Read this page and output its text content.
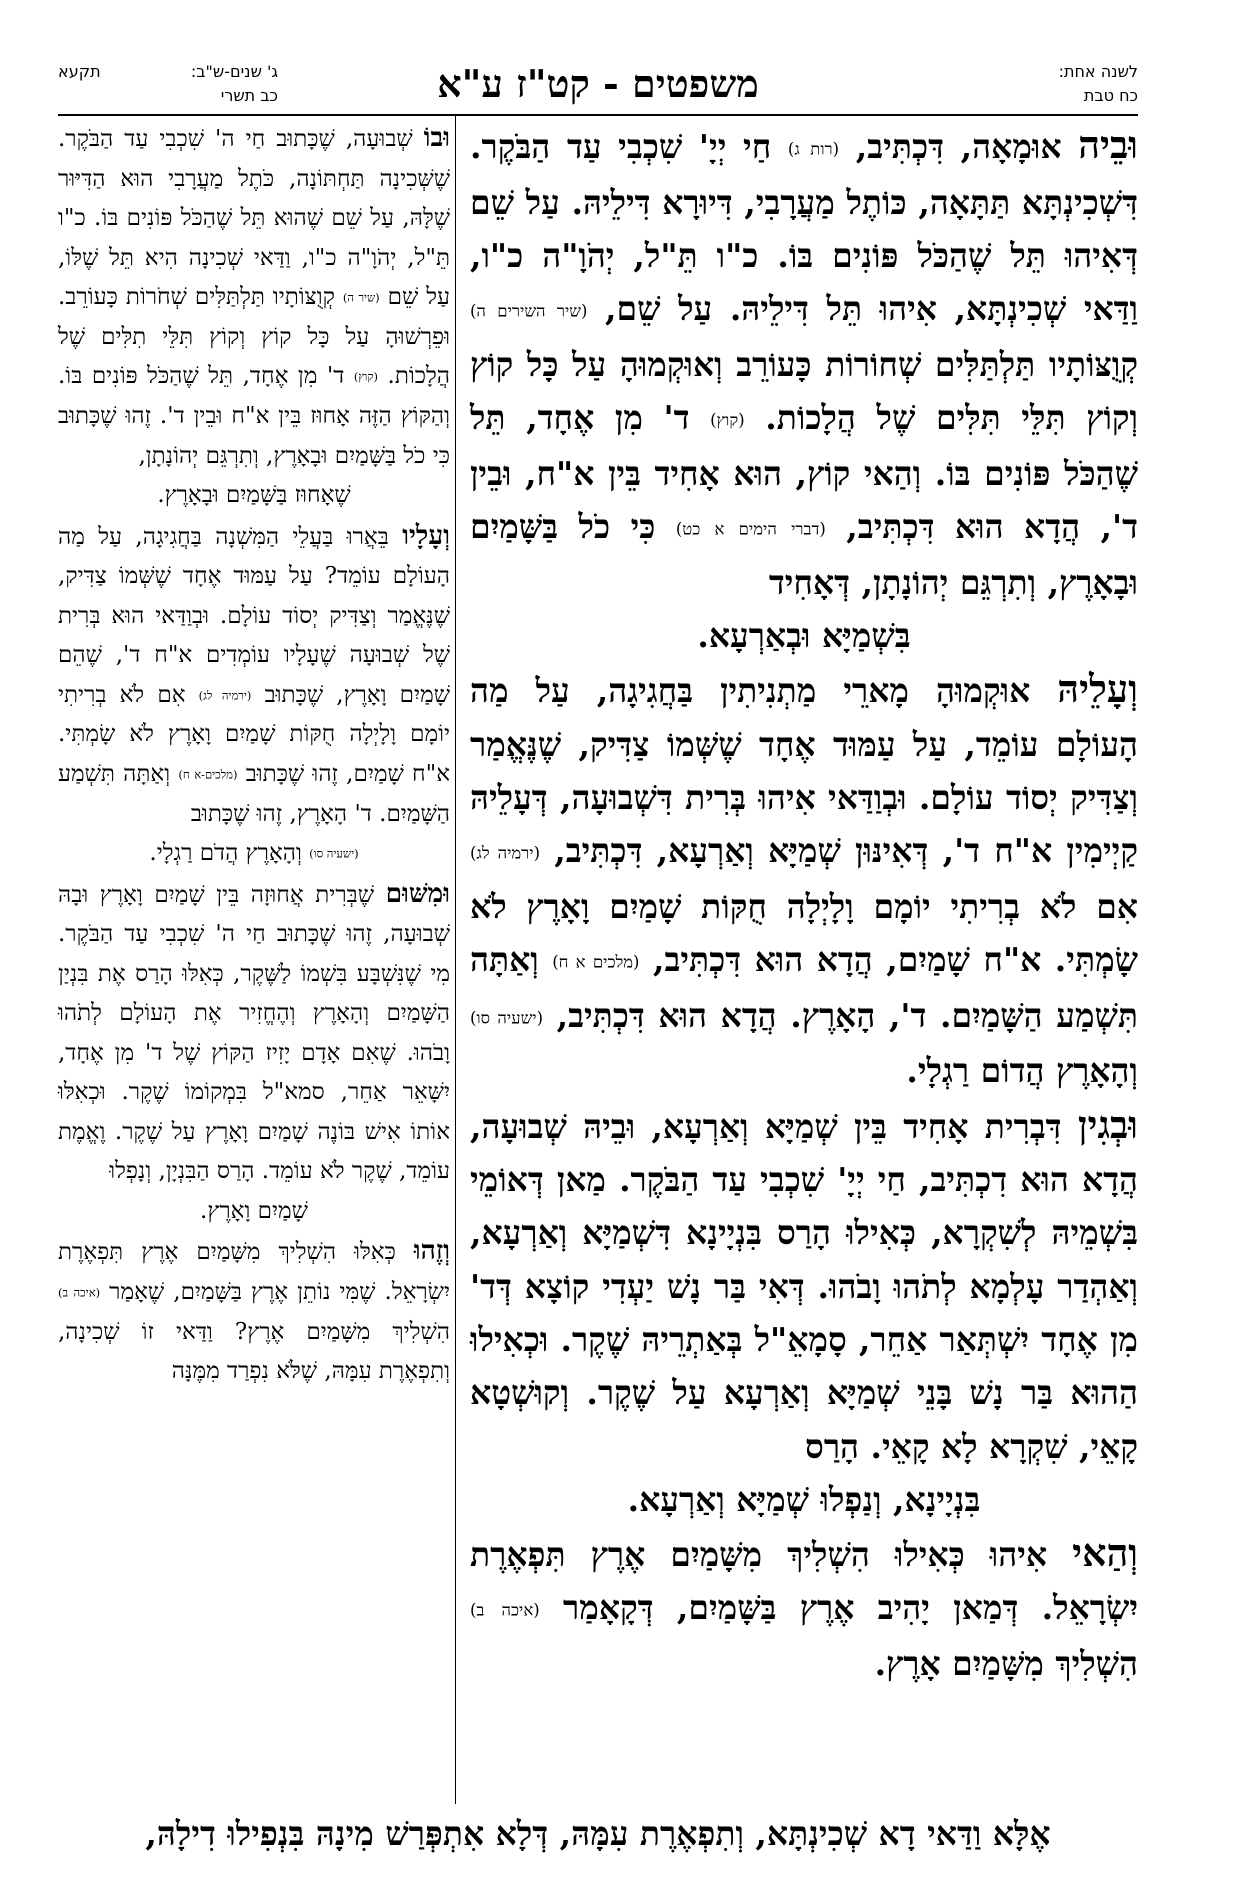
לשנה אחת:
כח טבת
משפטים - קט"ז ע"א
ג' שנים-ש"ב:
תקעא
כב תשרי

וּבֵיה אוּמָאָה, דִּכְתִּיב, (רות ג) חַי יְיָ' שִׁכְבִי עַד הַבֹּקֶר. דִּשְׁכִינְתָּא תַּתָּאָה, כּוֹתֶל מַעֲרָבִי, דִּיוּרָא דִּילֵיהּ. עַל שֵׁם דְּאִיהוּ תֵּל שֶׁהַכֹּל פּוֹנִים בּוֹ. כ"ו תֵּ"ל, יְהֹוָ"ה כ"ו, וַדַּאי שְׁכִינְתָּא, אִיהוּ תֵּל דִּילֵיהּ. עַל שֵׁם, (שיר השירים ה) קְוֻצּוֹתָיו תַּלְתַּלִּים שְׁחוֹרוֹת כָּעוֹרֵב וְאוּקְמוּהָ עַל כָּל קוֹץ וְקוֹץ תִּלֵּי תִּלִּים שֶׁל הֲלָכוֹת. (קוץ) ד' מִן אֶחָד, תֵּל שֶׁהַכֹּל פּוֹנִים בּוֹ. וְהַאי קוֹץ, הוּא אָחִיד בֵּין א"ח, וּבֵין ד', הֲדָא הוּא דִּכְתִּיב, (דברי הימים א כט) כִּי כֹל בַּשָּׁמַיִם וּבָאָרֶץ, וְתִרְגֵּם יְהוֹנָתָן, דְּאָחִיד

בִּשְׁמַיָּא וּבְאַרְעָא.

וְעָלֵיהּ אוּקְמוּהָ מָארֵי מַתְנִיתִין בַּחֲגִיגָה, עַל מַה הָעוֹלָם עוֹמֵד, עַל עַמּוּד אֶחָד שֶׁשְּׁמוֹ צַדִּיק, שֶׁנֶּאֱמַר וְצַדִּיק יְסוֹד עוֹלָם. וּבְוַדַּאי אִיהוּ בְּרִית דִּשְׁבוּעָה, דְּעָלֵיהּ קַיְימִין א"ח ד', דְּאִינּוּן שְׁמַיָּא וְאַרְעָא, דִּכְתִּיב, (ירמיה לג) אִם לֹא בְרִיתִי יוֹמָם וָלָיְלָה חֻקּוֹת שָׁמַיִם וָאָרֶץ לֹא שָׂמְתִּי. א"ח שָׁמַיִם, הֲדָא הוּא דִּכְתִּיב, (מלכים א ח) וְאַתָּה תִּשְׁמַע הַשָּׁמַיִם. ד', הָאָרֶץ. הֲדָא הוּא דִּכְתִּיב, (ישעיה סו) וְהָאָרֶץ הֲדוֹם רַגְלָי.

וּבְגִין דִּבְרִית אָחִיד בֵּין שְׁמַיָּא וְאַרְעָא, וּבֵיהּ שְׁבוּעָה, הֲדָא הוּא דִכְתִּיב, חַי יְיָ' שִׁכְבִי עַד הַבֹּקֶר. מַאן דְּאוֹמֵי בִּשְׁמֵיהּ לְשִׁקְרָא, כְּאִילוּ הָרַס בִּנְיָינָא דִּשְׁמַיָּא וְאַרְעָא, וְאַהְדַר עָלְמָא לְתֹהוּ וָבֹהוּ. דְּאִי בַּר נָשׁ יַעְדִי קוֹצָא דְּד' מִן אֶחָד יִשְׁתְּאַר אַחֵר, סָמָאֵ"ל בְּאַתְרֵיהּ שֶׁקֶר. וּכְאִילוּ הַהוּא בַּר נָשׁ בָּנֵי שְׁמַיָּא וְאַרְעָא עַל שֶׁקֶר. וְקוּשְׁטָא קָאֵי, שִׁקְרָא לָא קָאֵי. הָרַס

בִּנְיָינָא, וְנַפְלוּ שְׁמַיָּא וְאַרְעָא.

וְהַאי אִיהוּ כְּאִילוּ הִשְׁלִיךְ מִשָּׁמַיִם אֶרֶץ תִּפְאֶרֶת יִשְׂרָאֵל. דְּמַאן יָהִיב אֶרֶץ בַּשָּׁמַיִם, דְּקָאָמַר (איכה ב) הִשְׁלִיךְ מִשָּׁמַיִם אָרֶץ.

וּבוֹ שְׁבוּעָה, שֶׁכָּתוּב חַי ה' שִׁכְבִי עַד הַבֹּקֶר. שֶׁשְּׁכִינָה תַּחְתּוֹנָה, כֹּתֶל מַעֲרָבִי הוּא הַדִּיּוּר שֶׁלָּהּ, עַל שֵׁם שֶׁהוּא תֵּל שֶׁהַכֹּל פּוֹנִים בּוֹ. כ"ו תֵּ"ל, יְהֹוָ"ה כ"ו, וַדַּאי שְׁכִינָה הִיא תֵּל שֶׁלּוֹ, עַל שֵׁם (שיר ה) קְוֻצּוֹתָיו תַּלְתַּלִּים שְׁחֹרוֹת כָּעוֹרֵב. וּפֵרְשׁוּהָ עַל כָּל קוֹץ וְקוֹץ תִּלֵּי תִלִּים שֶׁל הֲלָכוֹת. (קוץ) ד' מִן אֶחָד, תֵּל שֶׁהַכֹּל פּוֹנִים בּוֹ. וְהַקּוֹץ הַזֶּה אָחוּז בֵּין א"ח וּבֵין ד'. זֶהוּ שֶׁכָּתוּב כִּי כֹל בַּשָּׁמַיִם וּבָאָרֶץ, וְתִרְגֵּם יְהוֹנָתָן,

שֶׁאָחוּז בַּשָּׁמַיִם וּבָאָרֶץ.

וְעָלָיו בֵּאֲרוּ בַּעֲלֵי הַמִּשְׁנָה בַּחֲגִיגָה, עַל מַה הָעוֹלָם עוֹמֵד? עַל עַמּוּד אֶחָד שֶׁשְּׁמוֹ צַדִּיק, שֶׁנֶּאֱמַר וְצַדִּיק יְסוֹד עוֹלָם. וּבְוַדַּאי הוּא בְּרִית שֶׁל שְׁבוּעָה שֶׁעָלָיו עוֹמְדִים א"ח ד', שֶׁהֵם שָׁמַיִם וָאָרֶץ, שֶׁכָּתוּב (ירמיה לג) אִם לֹא בְרִיתִי יוֹמָם וָלָיְלָה חֻקּוֹת שָׁמַיִם וָאָרֶץ לֹא שָׂמְתִּי. א"ח שָׁמַיִם, זֶהוּ שֶׁכָּתוּב (מלכים-א ח) וְאַתָּה תִּשְׁמַע הַשָּׁמַיִם. ד' הָאָרֶץ, זֶהוּ שֶׁכָּתוּב

(ישעיה סו) וְהָאָרֶץ הֲדֹם רַגְלָי.

וּמִשּׁוּם שֶׁבְּרִית אֲחוּזָה בֵּין שָׁמַיִם וָאָרֶץ וּבָהּ שְׁבוּעָה, זֶהוּ שֶׁכָּתוּב חַי ה' שִׁכְבִי עַד הַבֹּקֶר. מִי שֶׁנִּשְׁבָּע בִּשְׁמוֹ לַשֶּׁקֶר, כְּאִלּוּ הָרַס אֶת בִּנְיַן הַשָּׁמַיִם וְהָאָרֶץ וְהֶחֱזִיר אֶת הָעוֹלָם לְתֹהוּ וָבֹהוּ. שֶׁאִם אָדָם יָזִיז הַקּוֹץ שֶׁל ד' מִן אֶחָד, יִשָּׁאֵר אַחֵר, סמא"ל בִּמְקוֹמוֹ שֶׁקֶר. וּכְאִלּוּ אוֹתוֹ אִישׁ בּוֹנֶה שָׁמַיִם וָאָרֶץ עַל שֶׁקֶר. וֶאֱמֶת עוֹמֵד, שֶׁקֶר לֹא עוֹמֵד. הָרַס הַבִּנְיָן, וְנָפְלוּ

שָׁמַיִם וָאָרֶץ.

וְזֶהוּ כְּאִלּוּ הִשְׁלִיךְ מִשָּׁמַיִם אֶרֶץ תִּפְאֶרֶת יִשְׂרָאֵל. שֶׁמִּי נוֹתֵן אֶרֶץ בַּשָּׁמַיִם, שֶׁאָמַר (איכה ב) הִשְׁלִיךְ מִשָּׁמַיִם אֶרֶץ? וַדַּאי זוֹ שְׁכִינָה, וְתִפְאֶרֶת עִמָּהּ, שֶׁלֹּא נִפְרַד מִמֶּנָּה

אֶלָּא וַדַּאי דָא שְׁכִינְתָּא, וְתִפְאֶרֶת עִמָּהּ, דְּלָא אִתְפְּרַשׁ מִינָהּ בִּנְפִילוּ דִילָהּ,
